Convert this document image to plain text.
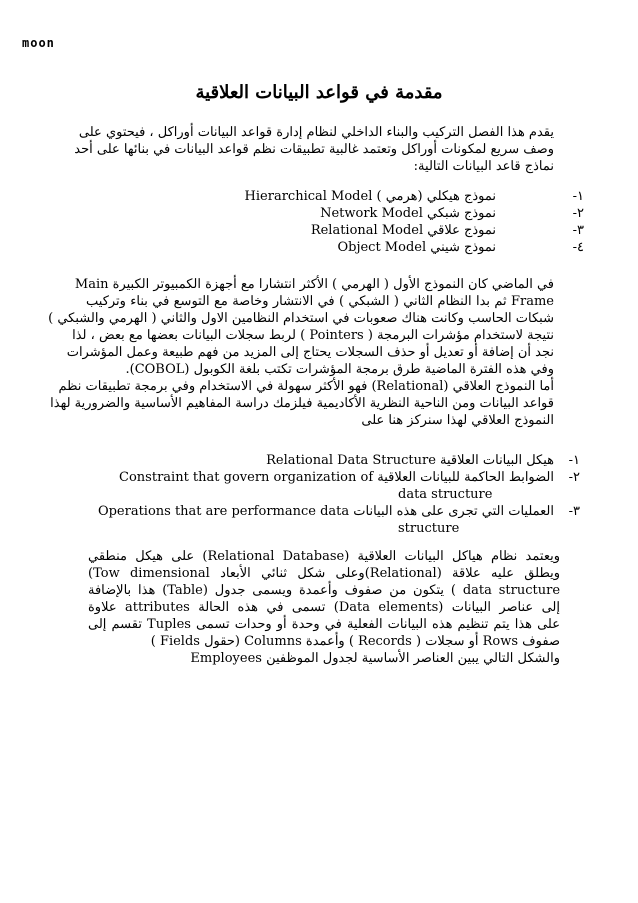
moon
مقدمة في قواعد البيانات العلاقية
يقدم هذا الفصل التركيب والبناء الداخلي لنظام إدارة قواعد البيانات أوراكل ، فيحتوي على
وصف سريع لمكونات أوراكل وتعتمد غالبية تطبيقات نظم قواعد البيانات في بنائها على أحد
نماذج قاعد البيانات التالية:
١-
نموذج هيكلي (هرمي ) Hierarchical Model
٢-
نموذج شبكي Network Model
٣-
نموذج علاقي Relational Model
٤-
نموذج شيني Object Model
في الماضي كان النموذج الأول ( الهرمي ) الأكثر انتشارا مع أجهزة الكمبيوتر الكبيرة Main
Frame ثم بدا النظام الثاني ( الشبكي ) في الانتشار وخاصة مع التوسع في بناء وتركيب
شبكات الحاسب وكانت هناك صعوبات في استخدام النظامين الاول والثاني ( الهرمي والشبكي )
نتيجة لاستخدام مؤشرات البرمجة ( Pointers ) لربط سجلات البيانات بعضها مع بعض ، لذا
نجد أن إضافة أو تعديل أو حذف السجلات يحتاج إلى المزيد من فهم طبيعة وعمل المؤشرات
وفي هذه الفترة الماضية طرق برمجة المؤشرات تكتب بلغة الكوبول (COBOL).
أما النموذج العلاقي (Relational) فهو الأكثر سهولة في الاستخدام وفي برمجة تطبيقات نظم
قواعد البيانات ومن الناحية النظرية الأكاديمية فيلزمك دراسة المفاهيم الأساسية والضرورية لهذا
النموذج العلاقي لهذا سنركز هنا على
١-
هيكل البيانات العلاقية Relational Data Structure
٢-
الضوابط الحاكمة للبيانات العلاقية Constraint that govern organization of
data structure
٣-
العمليات التي تجرى على هذه البيانات Operations that are performance data
structure
ويعتمد نظام هياكل البيانات العلاقية (Relational Database) على هيكل منطقي
ويطلق عليه علاقة (Relational)وعلى شكل ثنائي الأبعاد Tow dimensional)
data structure ) يتكون من صفوف وأعمدة ويسمى جدول (Table) هذا بالإضافة
إلى عناصر البيانات (Data elements) تسمى في هذه الحالة attributes علاوة
على هذا يتم تنظيم هذه البيانات الفعلية في وحدة أو وحدات تسمى Tuples تقسم إلى
صفوف Rows أو سجلات ( Records ) وأعمدة Columns (حقول Fields )
والشكل التالي يبين العناصر الأساسية لجدول الموظفين Employees
